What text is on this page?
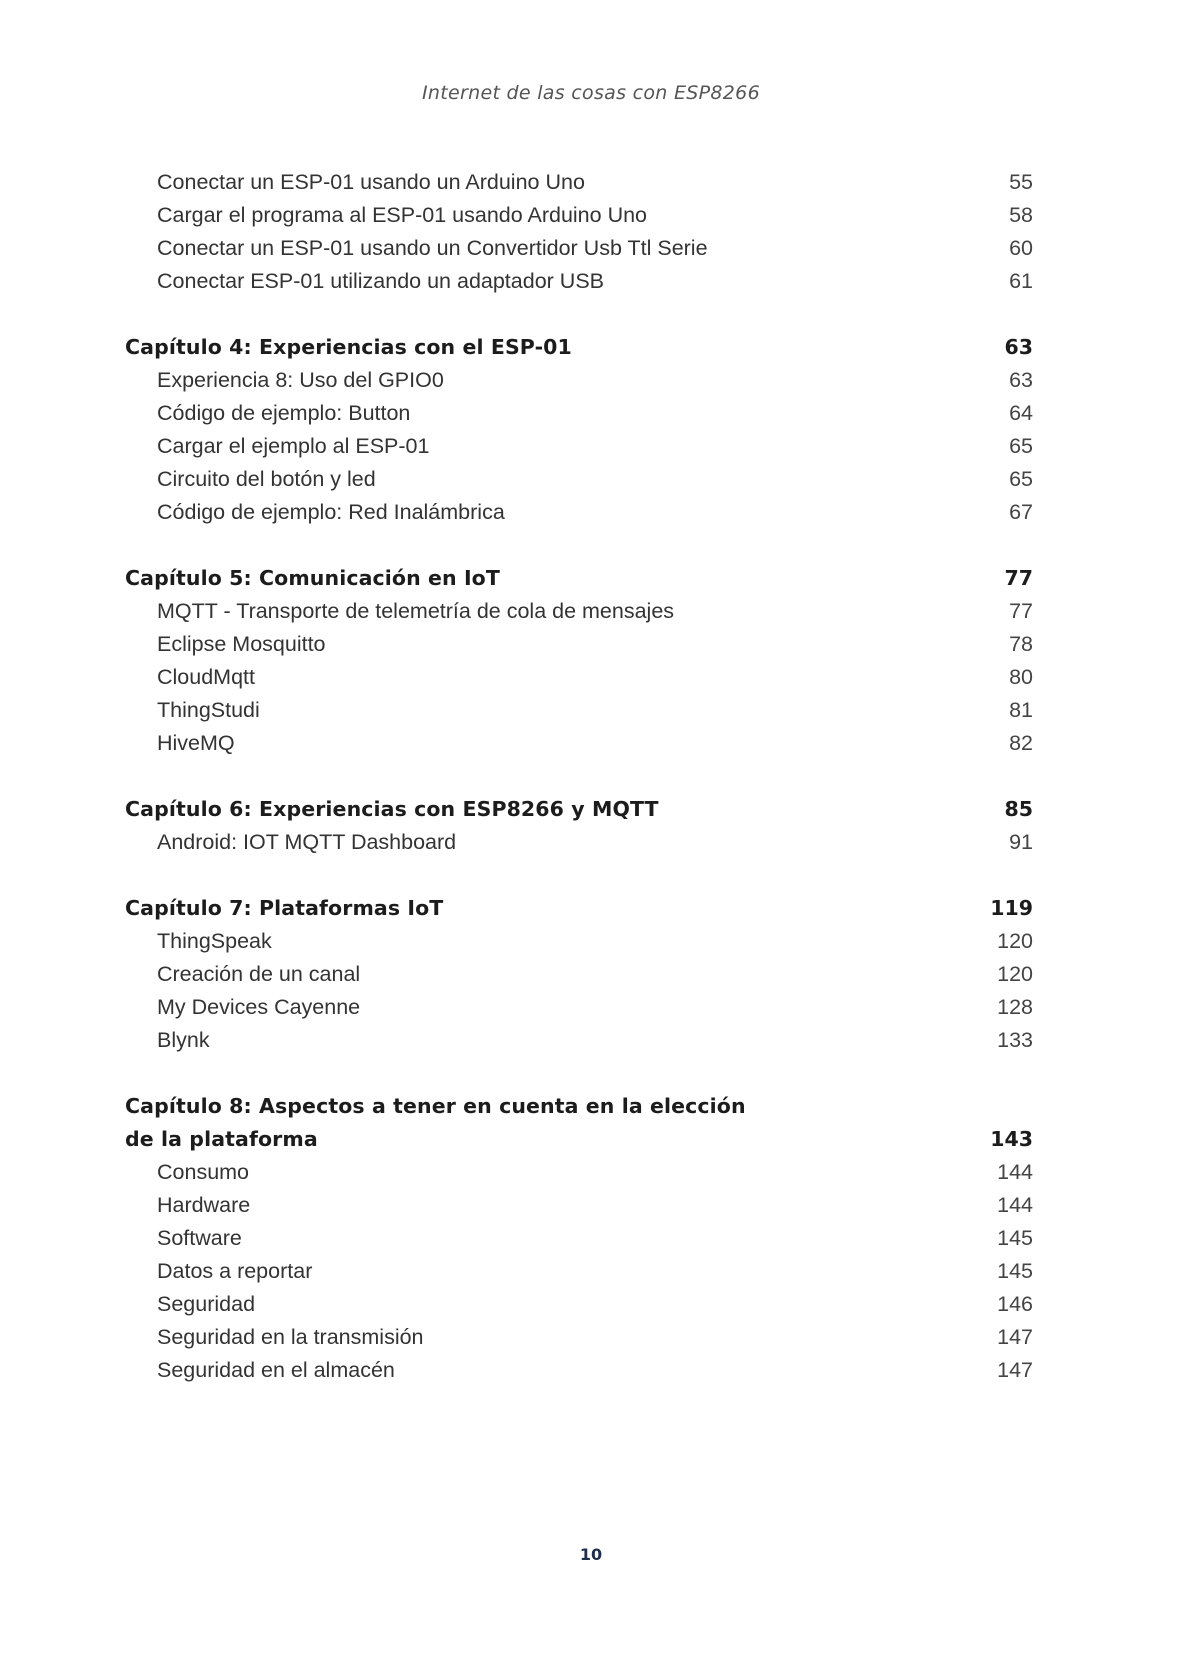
Internet de las cosas con ESP8266
Conectar un ESP-01 usando un Arduino Uno	55
Cargar el programa al ESP-01 usando Arduino Uno	58
Conectar un ESP-01 usando un Convertidor Usb Ttl Serie	60
Conectar ESP-01 utilizando un adaptador USB	61
Capítulo 4: Experiencias con el ESP-01	63
Experiencia 8: Uso del GPIO0	63
Código de ejemplo: Button	64
Cargar el ejemplo al ESP-01	65
Circuito del botón y led	65
Código de ejemplo: Red Inalámbrica	67
Capítulo 5: Comunicación en IoT	77
MQTT - Transporte de telemetría de cola de mensajes	77
Eclipse Mosquitto	78
CloudMqtt	80
ThingStudi	81
HiveMQ	82
Capítulo 6: Experiencias con ESP8266 y MQTT	85
Android: IOT MQTT Dashboard	91
Capítulo 7: Plataformas IoT	119
ThingSpeak	120
Creación de un canal	120
My Devices Cayenne	128
Blynk	133
Capítulo 8: Aspectos a tener en cuenta en la elección
de la plataforma	143
Consumo	144
Hardware	144
Software	145
Datos a reportar	145
Seguridad	146
Seguridad en la transmisión	147
Seguridad en el almacén	147
10
